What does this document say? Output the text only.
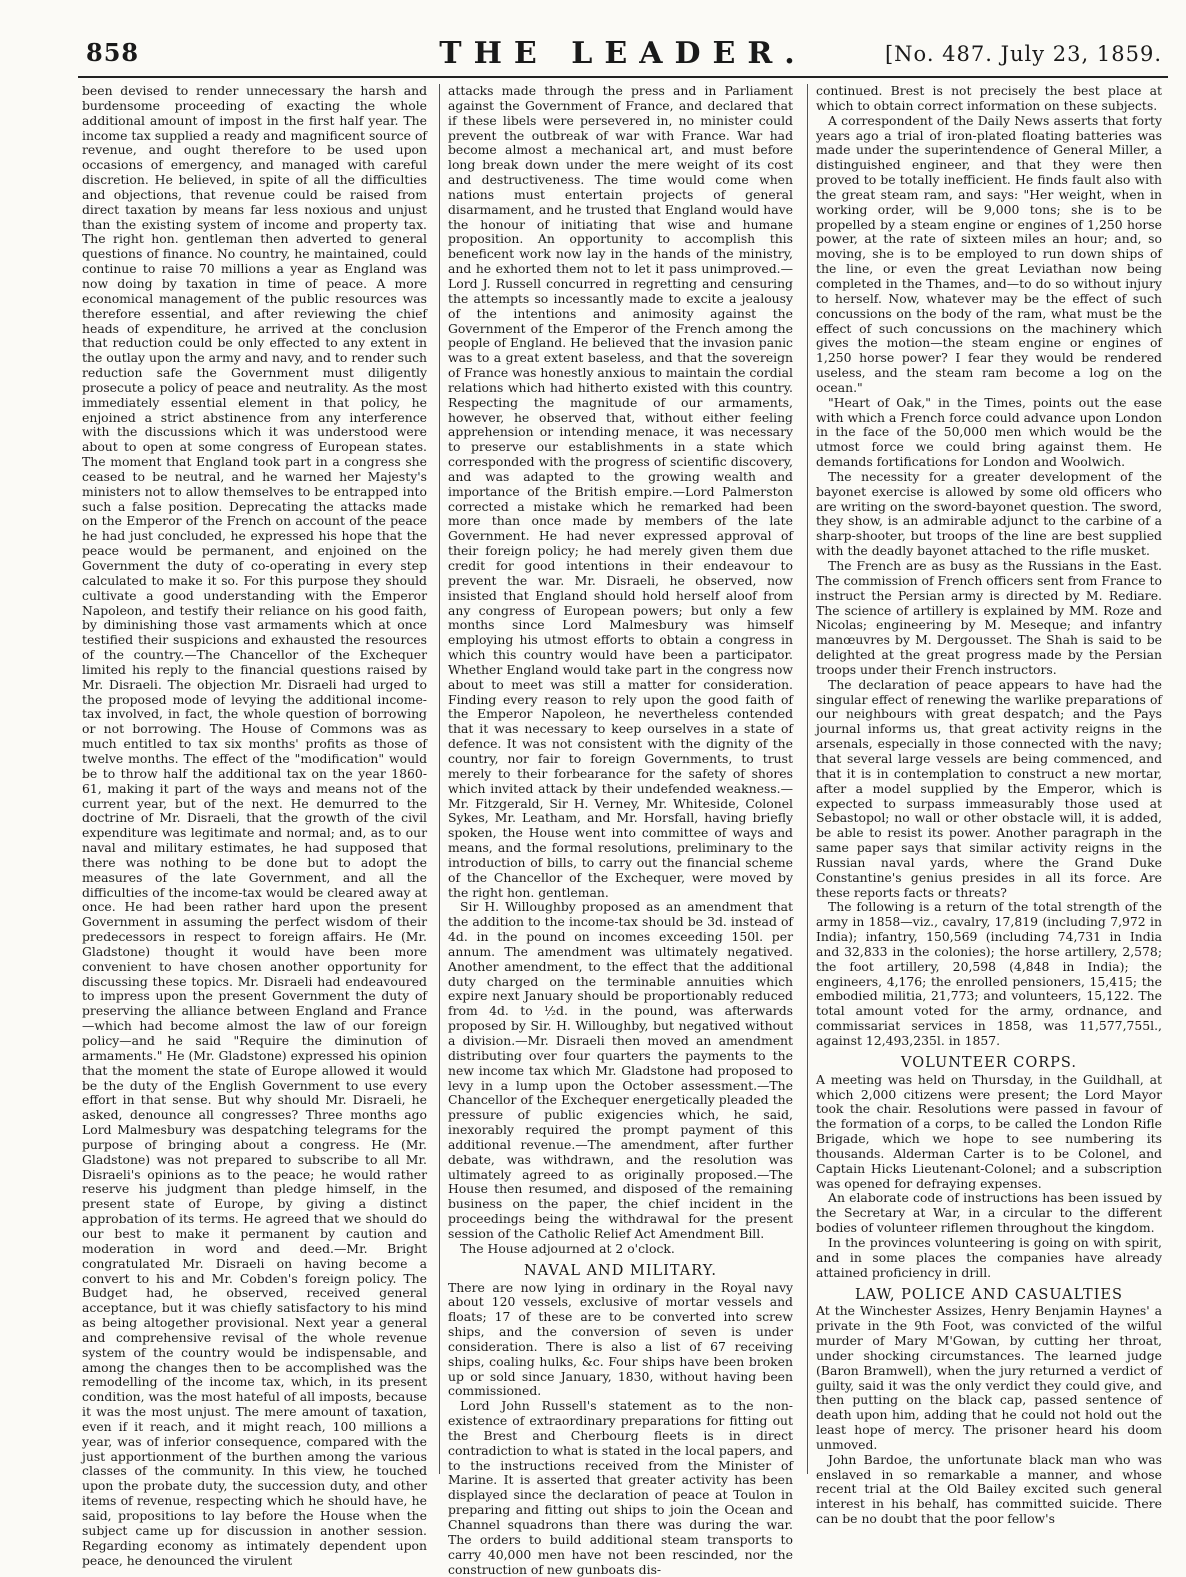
858	THE LEADER.	[No. 487. July 23, 1859.

been devised to render unnecessary the harsh and burdensome proceeding of exacting the whole additional amount of impost in the first half year. The income tax supplied a ready and magnificent source of revenue, and ought therefore to be used upon occasions of emergency, and managed with careful discretion. He believed, in spite of all the difficulties and objections, that revenue could be raised from direct taxation by means far less noxious and unjust than the existing system of income and property tax. The right hon. gentleman then adverted to general questions of finance. No country, he maintained, could continue to raise 70 millions a year as England was now doing by taxation in time of peace. A more economical management of the public resources was therefore essential, and after reviewing the chief heads of expenditure, he arrived at the conclusion that reduction could be only effected to any extent in the outlay upon the army and navy, and to render such reduction safe the Government must diligently prosecute a policy of peace and neutrality. As the most immediately essential element in that policy, he enjoined a strict abstinence from any interference with the discussions which it was understood were about to open at some congress of European states. The moment that England took part in a congress she ceased to be neutral, and he warned her Majesty's ministers not to allow themselves to be entrapped into such a false position. Deprecating the attacks made on the Emperor of the French on account of the peace he had just concluded, he expressed his hope that the peace would be permanent, and enjoined on the Government the duty of co-operating in every step calculated to make it so. For this purpose they should cultivate a good understanding with the Emperor Napoleon, and testify their reliance on his good faith, by diminishing those vast armaments which at once testified their suspicions and exhausted the resources of the country.—The Chancellor of the Exchequer limited his reply to the financial questions raised by Mr. Disraeli. The objection Mr. Disraeli had urged to the proposed mode of levying the additional income-tax involved, in fact, the whole question of borrowing or not borrowing. The House of Commons was as much entitled to tax six months' profits as those of twelve months. The effect of the "modification" would be to throw half the additional tax on the year 1860-61, making it part of the ways and means not of the current year, but of the next. He demurred to the doctrine of Mr. Disraeli, that the growth of the civil expenditure was legitimate and normal; and, as to our naval and military estimates, he had supposed that there was nothing to be done but to adopt the measures of the late Government, and all the difficulties of the income-tax would be cleared away at once. He had been rather hard upon the present Government in assuming the perfect wisdom of their predecessors in respect to foreign affairs. He (Mr. Gladstone) thought it would have been more convenient to have chosen another opportunity for discussing these topics. Mr. Disraeli had endeavoured to impress upon the present Government the duty of preserving the alliance between England and France—which had become almost the law of our foreign policy—and he said "Require the diminution of armaments." He (Mr. Gladstone) expressed his opinion that the moment the state of Europe allowed it would be the duty of the English Government to use every effort in that sense. But why should Mr. Disraeli, he asked, denounce all congresses? Three months ago Lord Malmesbury was despatching telegrams for the purpose of bringing about a congress. He (Mr. Gladstone) was not prepared to subscribe to all Mr. Disraeli's opinions as to the peace; he would rather reserve his judgment than pledge himself, in the present state of Europe, by giving a distinct approbation of its terms. He agreed that we should do our best to make it permanent by caution and moderation in word and deed.—Mr. Bright congratulated Mr. Disraeli on having become a convert to his and Mr. Cobden's foreign policy. The Budget had, he observed, received general acceptance, but it was chiefly satisfactory to his mind as being altogether provisional. Next year a general and comprehensive revisal of the whole revenue system of the country would be indispensable, and among the changes then to be accomplished was the remodelling of the income tax, which, in its present condition, was the most hateful of all imposts, because it was the most unjust. The mere amount of taxation, even if it reach, and it might reach, 100 millions a year, was of inferior consequence, compared with the just apportionment of the burthen among the various classes of the community. In this view, he touched upon the probate duty, the succession duty, and other items of revenue, respecting which he should have, he said, propositions to lay before the House when the subject came up for discussion in another session. Regarding economy as intimately dependent upon peace, he denounced the virulent

attacks made through the press and in Parliament against the Government of France, and declared that if these libels were persevered in, no minister could prevent the outbreak of war with France. War had become almost a mechanical art, and must before long break down under the mere weight of its cost and destructiveness. The time would come when nations must entertain projects of general disarmament, and he trusted that England would have the honour of initiating that wise and humane proposition. An opportunity to accomplish this beneficent work now lay in the hands of the ministry, and he exhorted them not to let it pass unimproved.—Lord J. Russell concurred in regretting and censuring the attempts so incessantly made to excite a jealousy of the intentions and animosity against the Government of the Emperor of the French among the people of England. He believed that the invasion panic was to a great extent baseless, and that the sovereign of France was honestly anxious to maintain the cordial relations which had hitherto existed with this country. Respecting the magnitude of our armaments, however, he observed that, without either feeling apprehension or intending menace, it was necessary to preserve our establishments in a state which corresponded with the progress of scientific discovery, and was adapted to the growing wealth and importance of the British empire.—Lord Palmerston corrected a mistake which he remarked had been more than once made by members of the late Government. He had never expressed approval of their foreign policy; he had merely given them due credit for good intentions in their endeavour to prevent the war. Mr. Disraeli, he observed, now insisted that England should hold herself aloof from any congress of European powers; but only a few months since Lord Malmesbury was himself employing his utmost efforts to obtain a congress in which this country would have been a participator. Whether England would take part in the congress now about to meet was still a matter for consideration. Finding every reason to rely upon the good faith of the Emperor Napoleon, he nevertheless contended that it was necessary to keep ourselves in a state of defence. It was not consistent with the dignity of the country, nor fair to foreign Governments, to trust merely to their forbearance for the safety of shores which invited attack by their undefended weakness.—Mr. Fitzgerald, Sir H. Verney, Mr. Whiteside, Colonel Sykes, Mr. Leatham, and Mr. Horsfall, having briefly spoken, the House went into committee of ways and means, and the formal resolutions, preliminary to the introduction of bills, to carry out the financial scheme of the Chancellor of the Exchequer, were moved by the right hon. gentleman.

Sir H. Willoughby proposed as an amendment that the addition to the income-tax should be 3d. instead of 4d. in the pound on incomes exceeding 150l. per annum. The amendment was ultimately negatived. Another amendment, to the effect that the additional duty charged on the terminable annuities which expire next January should be proportionably reduced from 4d. to ½d. in the pound, was afterwards proposed by Sir. H. Willoughby, but negatived without a division.—Mr. Disraeli then moved an amendment distributing over four quarters the payments to the new income tax which Mr. Gladstone had proposed to levy in a lump upon the October assessment.—The Chancellor of the Exchequer energetically pleaded the pressure of public exigencies which, he said, inexorably required the prompt payment of this additional revenue.—The amendment, after further debate, was withdrawn, and the resolution was ultimately agreed to as originally proposed.—The House then resumed, and disposed of the remaining business on the paper, the chief incident in the proceedings being the withdrawal for the present session of the Catholic Relief Act Amendment Bill.

The House adjourned at 2 o'clock.

NAVAL AND MILITARY.

There are now lying in ordinary in the Royal navy about 120 vessels, exclusive of mortar vessels and floats; 17 of these are to be converted into screw ships, and the conversion of seven is under consideration. There is also a list of 67 receiving ships, coaling hulks, &c. Four ships have been broken up or sold since January, 1830, without having been commissioned.

Lord John Russell's statement as to the non-existence of extraordinary preparations for fitting out the Brest and Cherbourg fleets is in direct contradiction to what is stated in the local papers, and to the instructions received from the Minister of Marine. It is asserted that greater activity has been displayed since the declaration of peace at Toulon in preparing and fitting out ships to join the Ocean and Channel squadrons than there was during the war. The orders to build additional steam transports to carry 40,000 men have not been rescinded, nor the construction of new gunboats dis-

continued. Brest is not precisely the best place at which to obtain correct information on these subjects.

A correspondent of the Daily News asserts that forty years ago a trial of iron-plated floating batteries was made under the superintendence of General Miller, a distinguished engineer, and that they were then proved to be totally inefficient. He finds fault also with the great steam ram, and says: "Her weight, when in working order, will be 9,000 tons; she is to be propelled by a steam engine or engines of 1,250 horse power, at the rate of sixteen miles an hour; and, so moving, she is to be employed to run down ships of the line, or even the great Leviathan now being completed in the Thames, and—to do so without injury to herself. Now, whatever may be the effect of such concussions on the body of the ram, what must be the effect of such concussions on the machinery which gives the motion—the steam engine or engines of 1,250 horse power? I fear they would be rendered useless, and the steam ram become a log on the ocean."

"Heart of Oak," in the Times, points out the ease with which a French force could advance upon London in the face of the 50,000 men which would be the utmost force we could bring against them. He demands fortifications for London and Woolwich.

The necessity for a greater development of the bayonet exercise is allowed by some old officers who are writing on the sword-bayonet question. The sword, they show, is an admirable adjunct to the carbine of a sharp-shooter, but troops of the line are best supplied with the deadly bayonet attached to the rifle musket.

The French are as busy as the Russians in the East. The commission of French officers sent from France to instruct the Persian army is directed by M. Rediare. The science of artillery is explained by MM. Roze and Nicolas; engineering by M. Meseque; and infantry manœuvres by M. Dergousset. The Shah is said to be delighted at the great progress made by the Persian troops under their French instructors.

The declaration of peace appears to have had the singular effect of renewing the warlike preparations of our neighbours with great despatch; and the Pays journal informs us, that great activity reigns in the arsenals, especially in those connected with the navy; that several large vessels are being commenced, and that it is in contemplation to construct a new mortar, after a model supplied by the Emperor, which is expected to surpass immeasurably those used at Sebastopol; no wall or other obstacle will, it is added, be able to resist its power. Another paragraph in the same paper says that similar activity reigns in the Russian naval yards, where the Grand Duke Constantine's genius presides in all its force. Are these reports facts or threats?

The following is a return of the total strength of the army in 1858—viz., cavalry, 17,819 (including 7,972 in India); infantry, 150,569 (including 74,731 in India and 32,833 in the colonies); the horse artillery, 2,578; the foot artillery, 20,598 (4,848 in India); the engineers, 4,176; the enrolled pensioners, 15,415; the embodied militia, 21,773; and volunteers, 15,122. The total amount voted for the army, ordnance, and commissariat services in 1858, was 11,577,755l., against 12,493,235l. in 1857.

VOLUNTEER CORPS.

A meeting was held on Thursday, in the Guildhall, at which 2,000 citizens were present; the Lord Mayor took the chair. Resolutions were passed in favour of the formation of a corps, to be called the London Rifle Brigade, which we hope to see numbering its thousands. Alderman Carter is to be Colonel, and Captain Hicks Lieutenant-Colonel; and a subscription was opened for defraying expenses.

An elaborate code of instructions has been issued by the Secretary at War, in a circular to the different bodies of volunteer riflemen throughout the kingdom.

In the provinces volunteering is going on with spirit, and in some places the companies have already attained proficiency in drill.

LAW, POLICE AND CASUALTIES

At the Winchester Assizes, Henry Benjamin Haynes' a private in the 9th Foot, was convicted of the wilful murder of Mary M'Gowan, by cutting her throat, under shocking circumstances. The learned judge (Baron Bramwell), when the jury returned a verdict of guilty, said it was the only verdict they could give, and then putting on the black cap, passed sentence of death upon him, adding that he could not hold out the least hope of mercy. The prisoner heard his doom unmoved.

John Bardoe, the unfortunate black man who was enslaved in so remarkable a manner, and whose recent trial at the Old Bailey excited such general interest in his behalf, has committed suicide. There can be no doubt that the poor fellow's
